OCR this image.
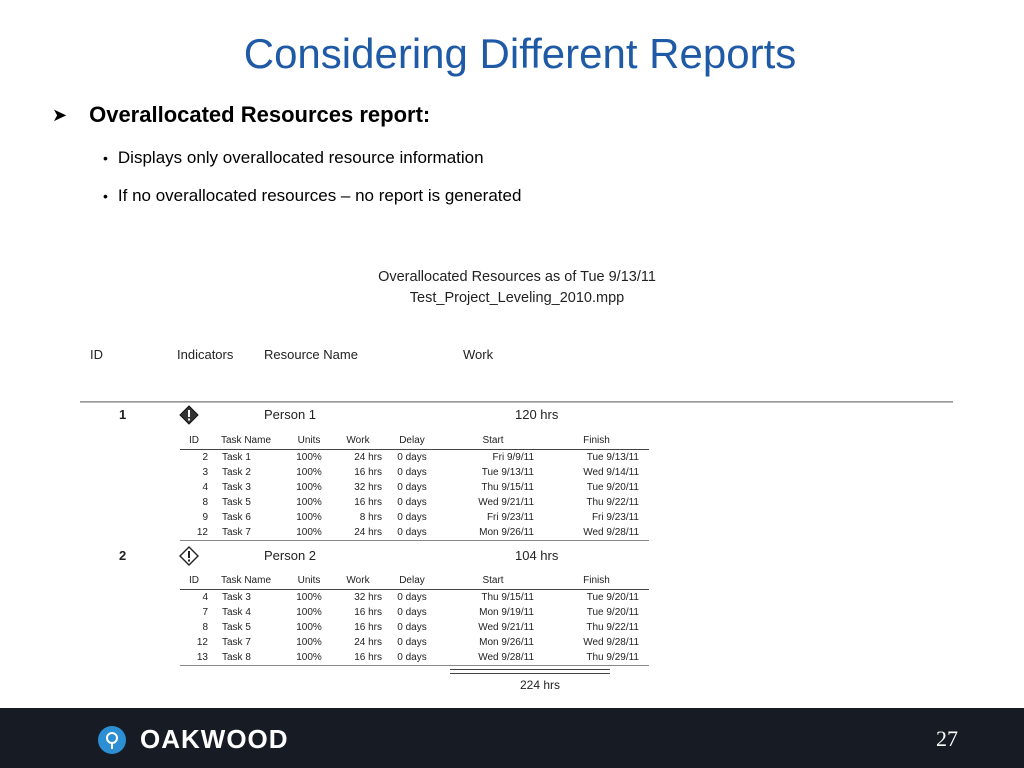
Considering Different Reports
➤ Overallocated Resources report:
• Displays only overallocated resource information
• If no overallocated resources – no report is generated
Overallocated Resources as of Tue 9/13/11
Test_Project_Leveling_2010.mpp
ID	Indicators Resource Name	Work
1	Person 1	120 hrs
ID	Task Name	Units	Work	Delay	Start	Finish
2	Task 1	100%	24 hrs	0 days	Fri 9/9/11	Tue 9/13/11
3	Task 2	100%	16 hrs	0 days	Tue 9/13/11	Wed 9/14/11
4	Task 3	100%	32 hrs	0 days	Thu 9/15/11	Tue 9/20/11
8	Task 5	100%	16 hrs	0 days	Wed 9/21/11	Thu 9/22/11
9	Task 6	100%	8 hrs	0 days	Fri 9/23/11	Fri 9/23/11
12	Task 7	100%	24 hrs	0 days	Mon 9/26/11	Wed 9/28/11
2	Person 2	104 hrs
ID	Task Name	Units	Work	Delay	Start	Finish
4	Task 3	100%	32 hrs	0 days	Thu 9/15/11	Tue 9/20/11
7	Task 4	100%	16 hrs	0 days	Mon 9/19/11	Tue 9/20/11
8	Task 5	100%	16 hrs	0 days	Wed 9/21/11	Thu 9/22/11
12	Task 7	100%	24 hrs	0 days	Mon 9/26/11	Wed 9/28/11
13	Task 8	100%	16 hrs	0 days	Wed 9/28/11	Thu 9/29/11
224 hrs
OAKWOOD	27
